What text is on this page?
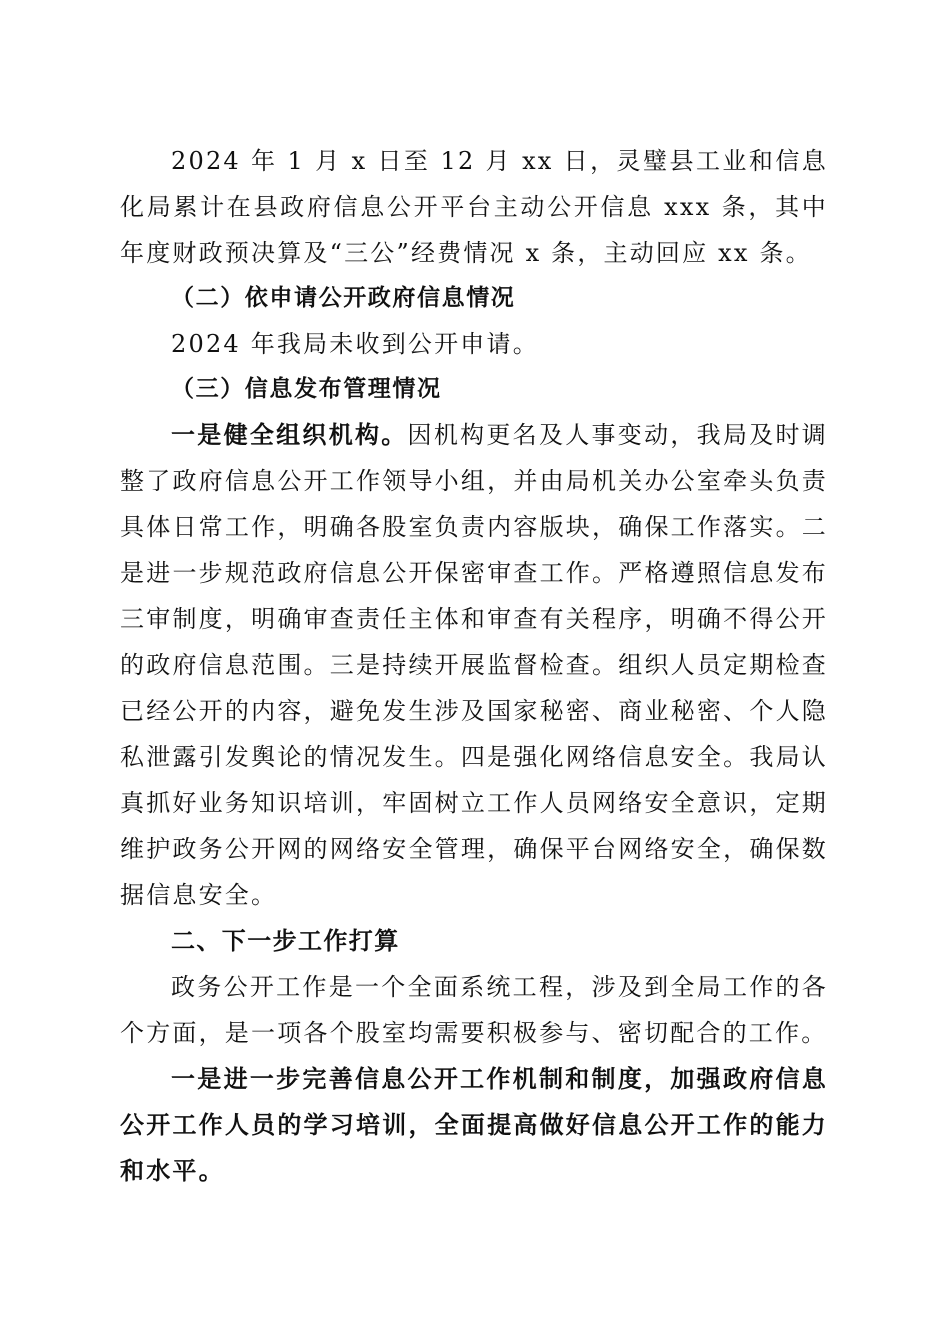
2024 年 1 月 x 日至 12 月 xx 日，灵璧县工业和信息化局累计在县政府信息公开平台主动公开信息 xxx 条，其中年度财政预决算及“三公”经费情况 x 条，主动回应 xx 条。

（二）依申请公开政府信息情况

2024 年我局未收到公开申请。

（三）信息发布管理情况

一是健全组织机构。因机构更名及人事变动，我局及时调整了政府信息公开工作领导小组，并由局机关办公室牵头负责具体日常工作，明确各股室负责内容版块，确保工作落实。二是进一步规范政府信息公开保密审查工作。严格遵照信息发布三审制度，明确审查责任主体和审查有关程序，明确不得公开的政府信息范围。三是持续开展监督检查。组织人员定期检查已经公开的内容，避免发生涉及国家秘密、商业秘密、个人隐私泄露引发舆论的情况发生。四是强化网络信息安全。我局认真抓好业务知识培训，牢固树立工作人员网络安全意识，定期维护政务公开网的网络安全管理，确保平台网络安全，确保数据信息安全。

二、下一步工作打算

政务公开工作是一个全面系统工程，涉及到全局工作的各个方面，是一项各个股室均需要积极参与、密切配合的工作。

一是进一步完善信息公开工作机制和制度，加强政府信息公开工作人员的学习培训，全面提高做好信息公开工作的能力和水平。
